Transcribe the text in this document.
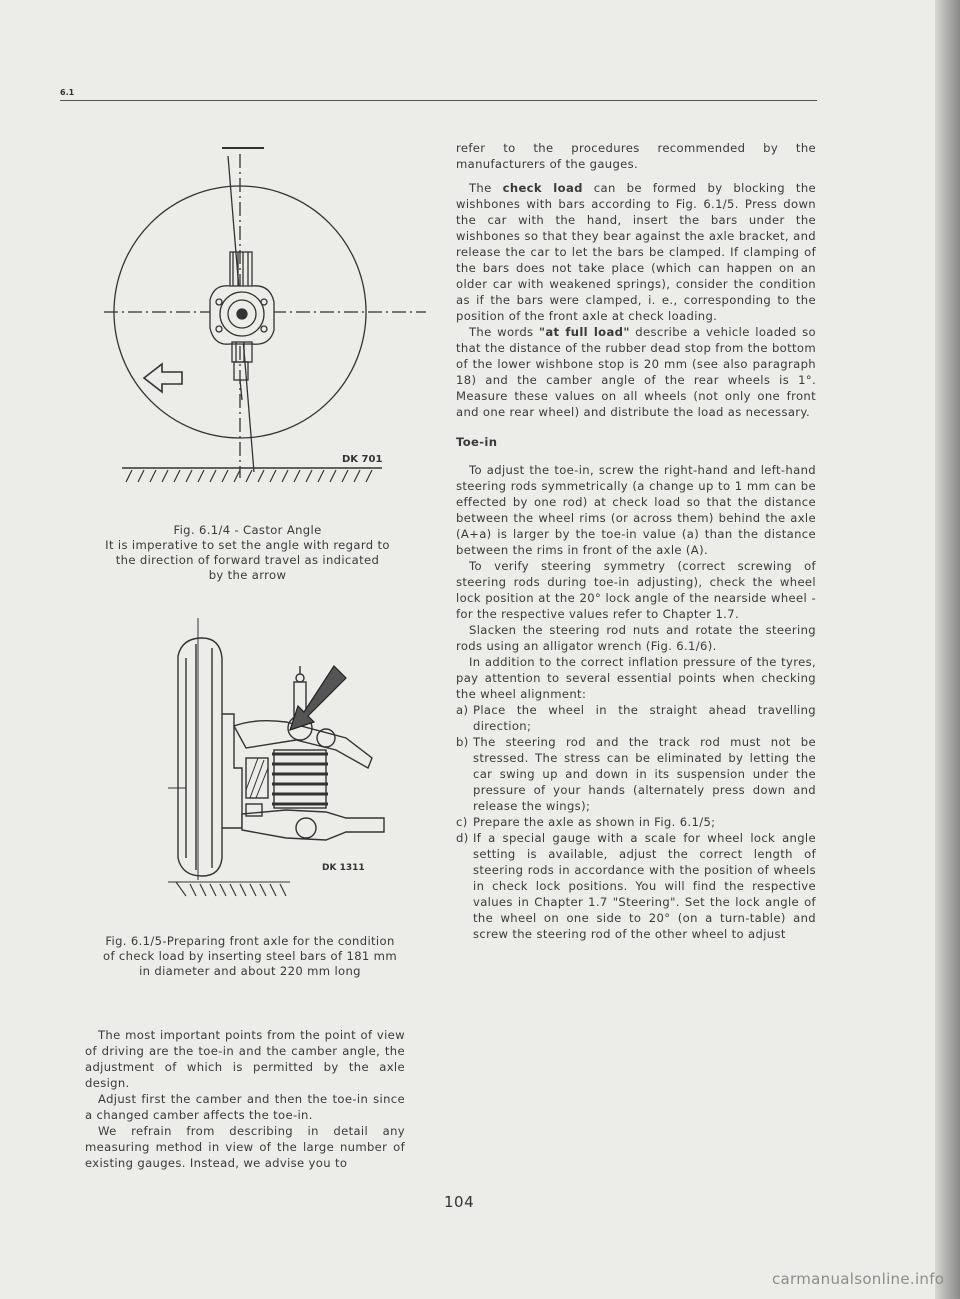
6.1
DK 701
Fig. 6.1/4 - Castor Angle
It is imperative to set the angle with regard to
the direction of forward travel as indicated
by the arrow
DK 1311
Fig. 6.1/5-Preparing front axle for the condition
of check load by inserting steel bars of 181 mm
in diameter and about 220 mm long

The most important points from the point of view of driving are the toe-in and the camber angle, the adjustment of which is permitted by the axle design.

Adjust first the camber and then the toe-in since a changed camber affects the toe-in.

We refrain from describing in detail any measuring method in view of the large number of existing gauges. Instead, we advise you to

refer to the procedures recommended by the manufacturers of the gauges.

The check load can be formed by blocking the wishbones with bars according to Fig. 6.1/5. Press down the car with the hand, insert the bars under the wishbones so that they bear against the axle bracket, and release the car to let the bars be clamped. If clamping of the bars does not take place (which can happen on an older car with weakened springs), consider the condition as if the bars were clamped, i. e., corresponding to the position of the front axle at check loading.

The words "at full load" describe a vehicle loaded so that the distance of the rubber dead stop from the bottom of the lower wishbone stop is 20 mm (see also paragraph 18) and the camber angle of the rear wheels is 1°. Measure these values on all wheels (not only one front and one rear wheel) and distribute the load as necessary.

Toe-in

To adjust the toe-in, screw the right-hand and left-hand steering rods symmetrically (a change up to 1 mm can be effected by one rod) at check load so that the distance between the wheel rims (or across them) behind the axle (A+a) is larger by the toe-in value (a) than the distance between the rims in front of the axle (A).

To verify steering symmetry (correct screwing of steering rods during toe-in adjusting), check the wheel lock position at the 20° lock angle of the nearside wheel - for the respective values refer to Chapter 1.7.

Slacken the steering rod nuts and rotate the steering rods using an alligator wrench (Fig. 6.1/6).

In addition to the correct inflation pressure of the tyres, pay attention to several essential points when checking the wheel alignment:

a) Place the wheel in the straight ahead travelling direction;
b) The steering rod and the track rod must not be stressed. The stress can be eliminated by letting the car swing up and down in its suspension under the pressure of your hands (alternately press down and release the wings);
c) Prepare the axle as shown in Fig. 6.1/5;
d) If a special gauge with a scale for wheel lock angle setting is available, adjust the correct length of steering rods in accordance with the position of wheels in check lock positions. You will find the respective values in Chapter 1.7 "Steering". Set the lock angle of the wheel on one side to 20° (on a turn-table) and screw the steering rod of the other wheel to adjust
104
carmanualsonline.info
